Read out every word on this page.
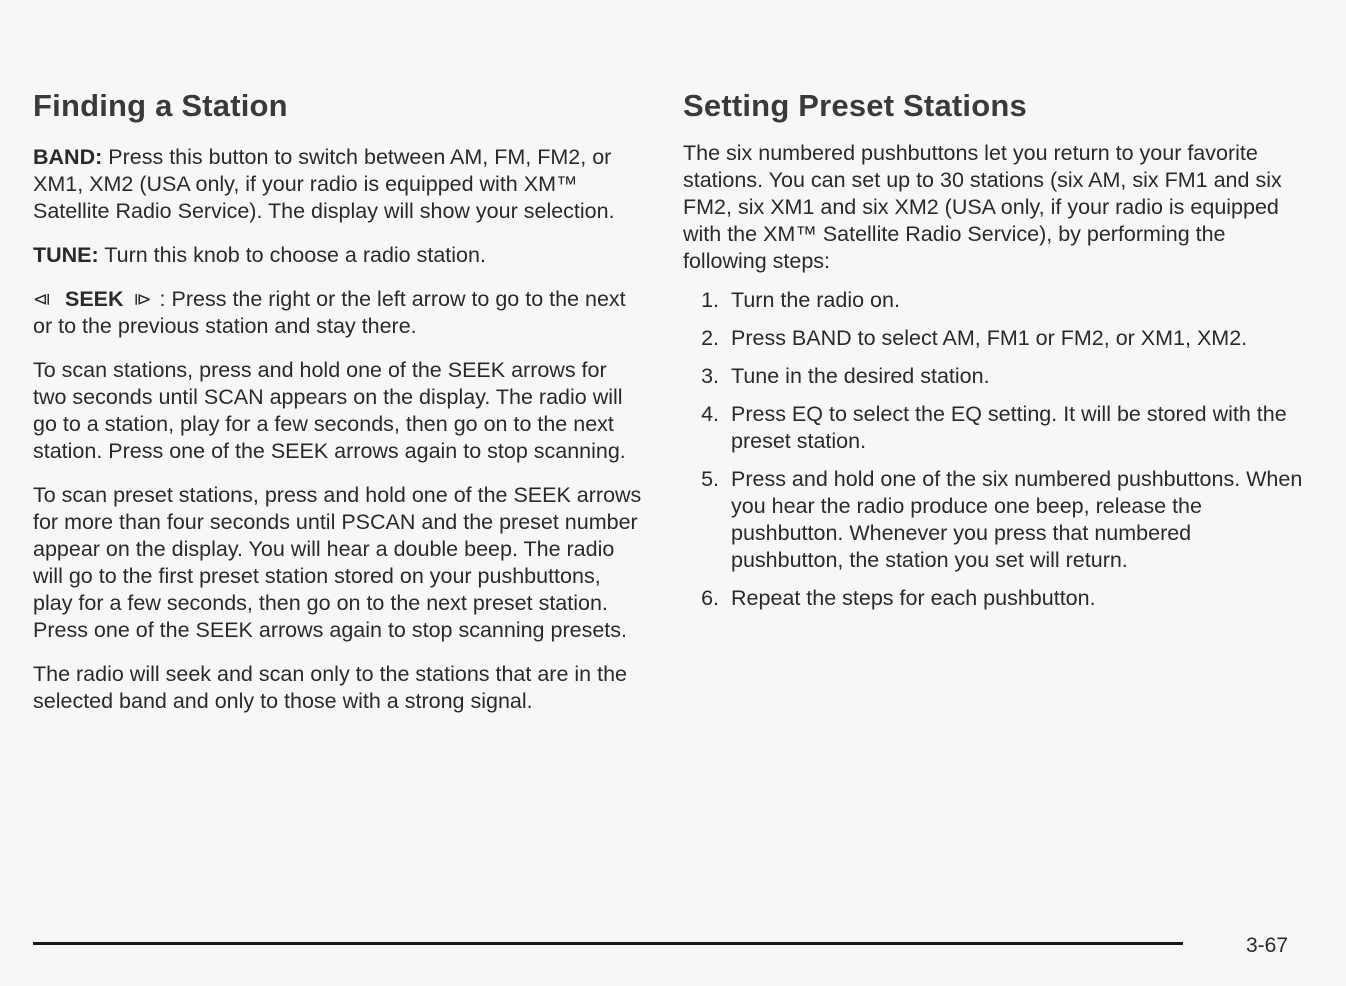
Finding a Station

BAND: Press this button to switch between AM, FM, FM2, or XM1, XM2 (USA only, if your radio is equipped with XM™ Satellite Radio Service). The display will show your selection.

TUNE: Turn this knob to choose a radio station.

⧏ SEEK ⧐ : Press the right or the left arrow to go to the next or to the previous station and stay there.

To scan stations, press and hold one of the SEEK arrows for two seconds until SCAN appears on the display. The radio will go to a station, play for a few seconds, then go on to the next station. Press one of the SEEK arrows again to stop scanning.

To scan preset stations, press and hold one of the SEEK arrows for more than four seconds until PSCAN and the preset number appear on the display. You will hear a double beep. The radio will go to the first preset station stored on your pushbuttons, play for a few seconds, then go on to the next preset station. Press one of the SEEK arrows again to stop scanning presets.

The radio will seek and scan only to the stations that are in the selected band and only to those with a strong signal.

Setting Preset Stations

The six numbered pushbuttons let you return to your favorite stations. You can set up to 30 stations (six AM, six FM1 and six FM2, six XM1 and six XM2 (USA only, if your radio is equipped with the XM™ Satellite Radio Service), by performing the following steps:

1. Turn the radio on.
2. Press BAND to select AM, FM1 or FM2, or XM1, XM2.
3. Tune in the desired station.
4. Press EQ to select the EQ setting. It will be stored with the preset station.
5. Press and hold one of the six numbered pushbuttons. When you hear the radio produce one beep, release the pushbutton. Whenever you press that numbered pushbutton, the station you set will return.
6. Repeat the steps for each pushbutton.
3-67
